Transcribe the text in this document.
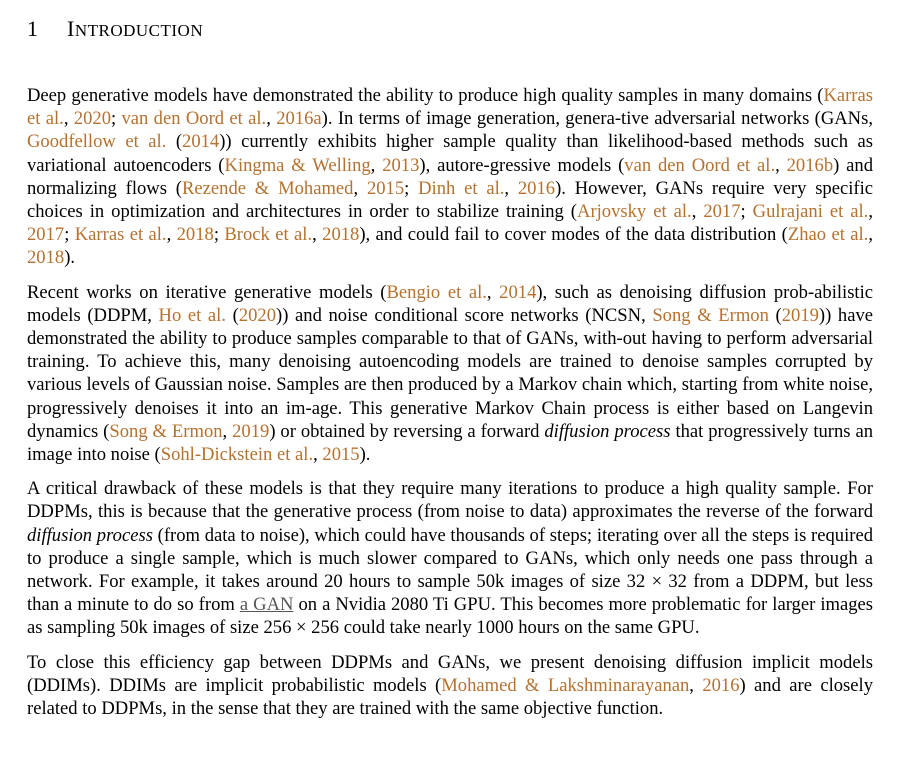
1 INTRODUCTION

Deep generative models have demonstrated the ability to produce high quality samples in many domains (Karras et al., 2020; van den Oord et al., 2016a). In terms of image generation, genera-tive adversarial networks (GANs, Goodfellow et al. (2014)) currently exhibits higher sample quality than likelihood-based methods such as variational autoencoders (Kingma & Welling, 2013), autore-gressive models (van den Oord et al., 2016b) and normalizing flows (Rezende & Mohamed, 2015; Dinh et al., 2016). However, GANs require very specific choices in optimization and architectures in order to stabilize training (Arjovsky et al., 2017; Gulrajani et al., 2017; Karras et al., 2018; Brock et al., 2018), and could fail to cover modes of the data distribution (Zhao et al., 2018).

Recent works on iterative generative models (Bengio et al., 2014), such as denoising diffusion prob-abilistic models (DDPM, Ho et al. (2020)) and noise conditional score networks (NCSN, Song & Ermon (2019)) have demonstrated the ability to produce samples comparable to that of GANs, with-out having to perform adversarial training. To achieve this, many denoising autoencoding models are trained to denoise samples corrupted by various levels of Gaussian noise. Samples are then produced by a Markov chain which, starting from white noise, progressively denoises it into an im-age. This generative Markov Chain process is either based on Langevin dynamics (Song & Ermon, 2019) or obtained by reversing a forward diffusion process that progressively turns an image into noise (Sohl-Dickstein et al., 2015).

A critical drawback of these models is that they require many iterations to produce a high quality sample. For DDPMs, this is because that the generative process (from noise to data) approximates the reverse of the forward diffusion process (from data to noise), which could have thousands of steps; iterating over all the steps is required to produce a single sample, which is much slower compared to GANs, which only needs one pass through a network. For example, it takes around 20 hours to sample 50k images of size 32 × 32 from a DDPM, but less than a minute to do so from a GAN on a Nvidia 2080 Ti GPU. This becomes more problematic for larger images as sampling 50k images of size 256 × 256 could take nearly 1000 hours on the same GPU.

To close this efficiency gap between DDPMs and GANs, we present denoising diffusion implicit models (DDIMs). DDIMs are implicit probabilistic models (Mohamed & Lakshminarayanan, 2016) and are closely related to DDPMs, in the sense that they are trained with the same objective function.
